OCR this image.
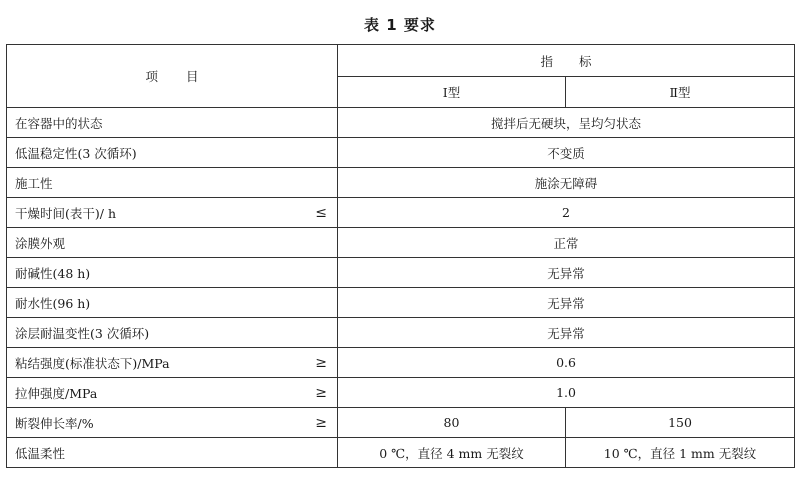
表 1 要求
项目	指标	
	Ⅰ型	Ⅱ型

在容器中的状态	搅拌后无硬块，呈均匀状态	

低温稳定性(3 次循环)	不变质	

施工性	施涂无障碍	

干燥时间(表干)/ h ≤	2	

涂膜外观	正常	

耐碱性(48 h)	无异常	

耐水性(96 h)	无异常	

涂层耐温变性(3 次循环)	无异常	

粘结强度(标准状态下)/MPa ≥	0.6	

拉伸强度/MPa ≥	1.0	

断裂伸长率/% ≥	80	150

低温柔性	0 ℃，直径 4 mm 无裂纹	10 ℃，直径 1 mm 无裂纹
